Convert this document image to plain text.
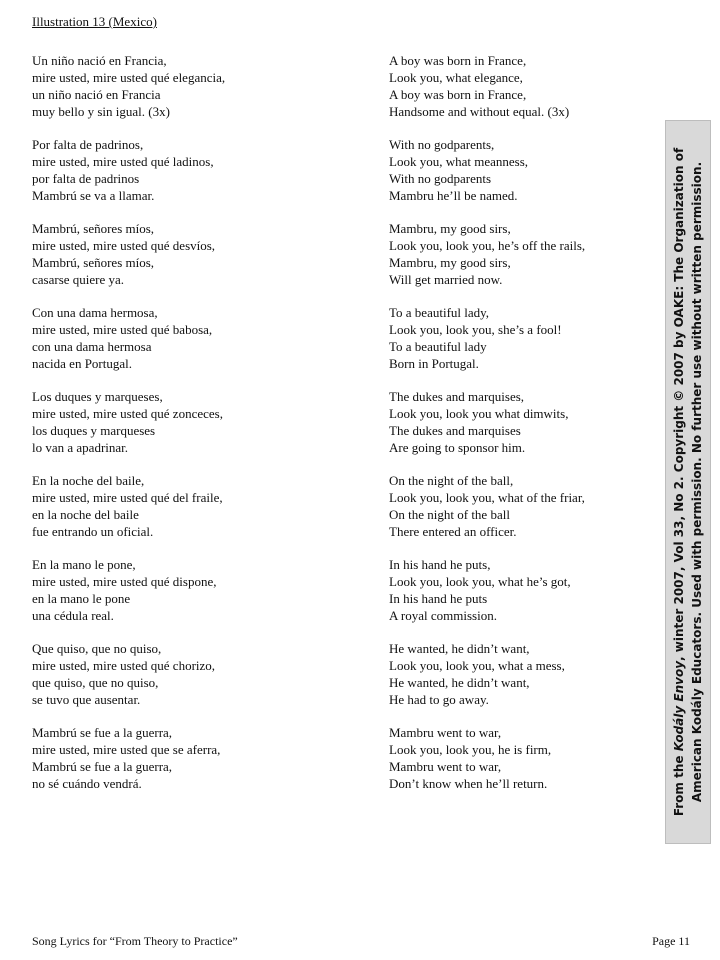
Illustration 13 (Mexico)
Un niño nació en Francia,
mire usted, mire usted qué elegancia,
un niño nació en Francia
muy bello y sin igual. (3x)
Por falta de padrinos,
mire usted, mire usted qué ladinos,
por falta de padrinos
Mambrú se va a llamar.
Mambrú, señores míos,
mire usted, mire usted qué desvíos,
Mambrú, señores míos,
casarse quiere ya.
Con una dama hermosa,
mire usted, mire usted qué babosa,
con una dama hermosa
nacida en Portugal.
Los duques y marqueses,
mire usted, mire usted qué zonceces,
los duques y marqueses
lo van a apadrinar.
En la noche del baile,
mire usted, mire usted qué del fraile,
en la noche del baile
fue entrando un oficial.
En la mano le pone,
mire usted, mire usted qué dispone,
en la mano le pone
una cédula real.
Que quiso, que no quiso,
mire usted, mire usted qué chorizo,
que quiso, que no quiso,
se tuvo que ausentar.
Mambrú se fue a la guerra,
mire usted, mire usted que se aferra,
Mambrú se fue a la guerra,
no sé cuándo vendrá.
A boy was born in France,
Look you, what elegance,
A boy was born in France,
Handsome and without equal. (3x)
With no godparents,
Look you, what meanness,
With no godparents
Mambru he’ll be named.
Mambru, my good sirs,
Look you, look you, he’s off the rails,
Mambru, my good sirs,
Will get married now.
To a beautiful lady,
Look you, look you, she’s a fool!
To a beautiful lady
Born in Portugal.
The dukes and marquises,
Look you, look you what dimwits,
The dukes and marquises
Are going to sponsor him.
On the night of the ball,
Look you, look you, what of the friar,
On the night of the ball
There entered an officer.
In his hand he puts,
Look you, look you, what he’s got,
In his hand he puts
A royal commission.
He wanted, he didn’t want,
Look you, look you, what a mess,
He wanted, he didn’t want,
He had to go away.
Mambru went to war,
Look you, look you, he is firm,
Mambru went to war,
Don’t know when he’ll return.	From the Kodály Envoy, winter 2007, Vol 33, No 2. Copyright © 2007 by OAKE: The Organization of American Kodály Educators. Used with permission. No further use without written permission.
Song Lyrics for “From Theory to Practice”	Page 11
